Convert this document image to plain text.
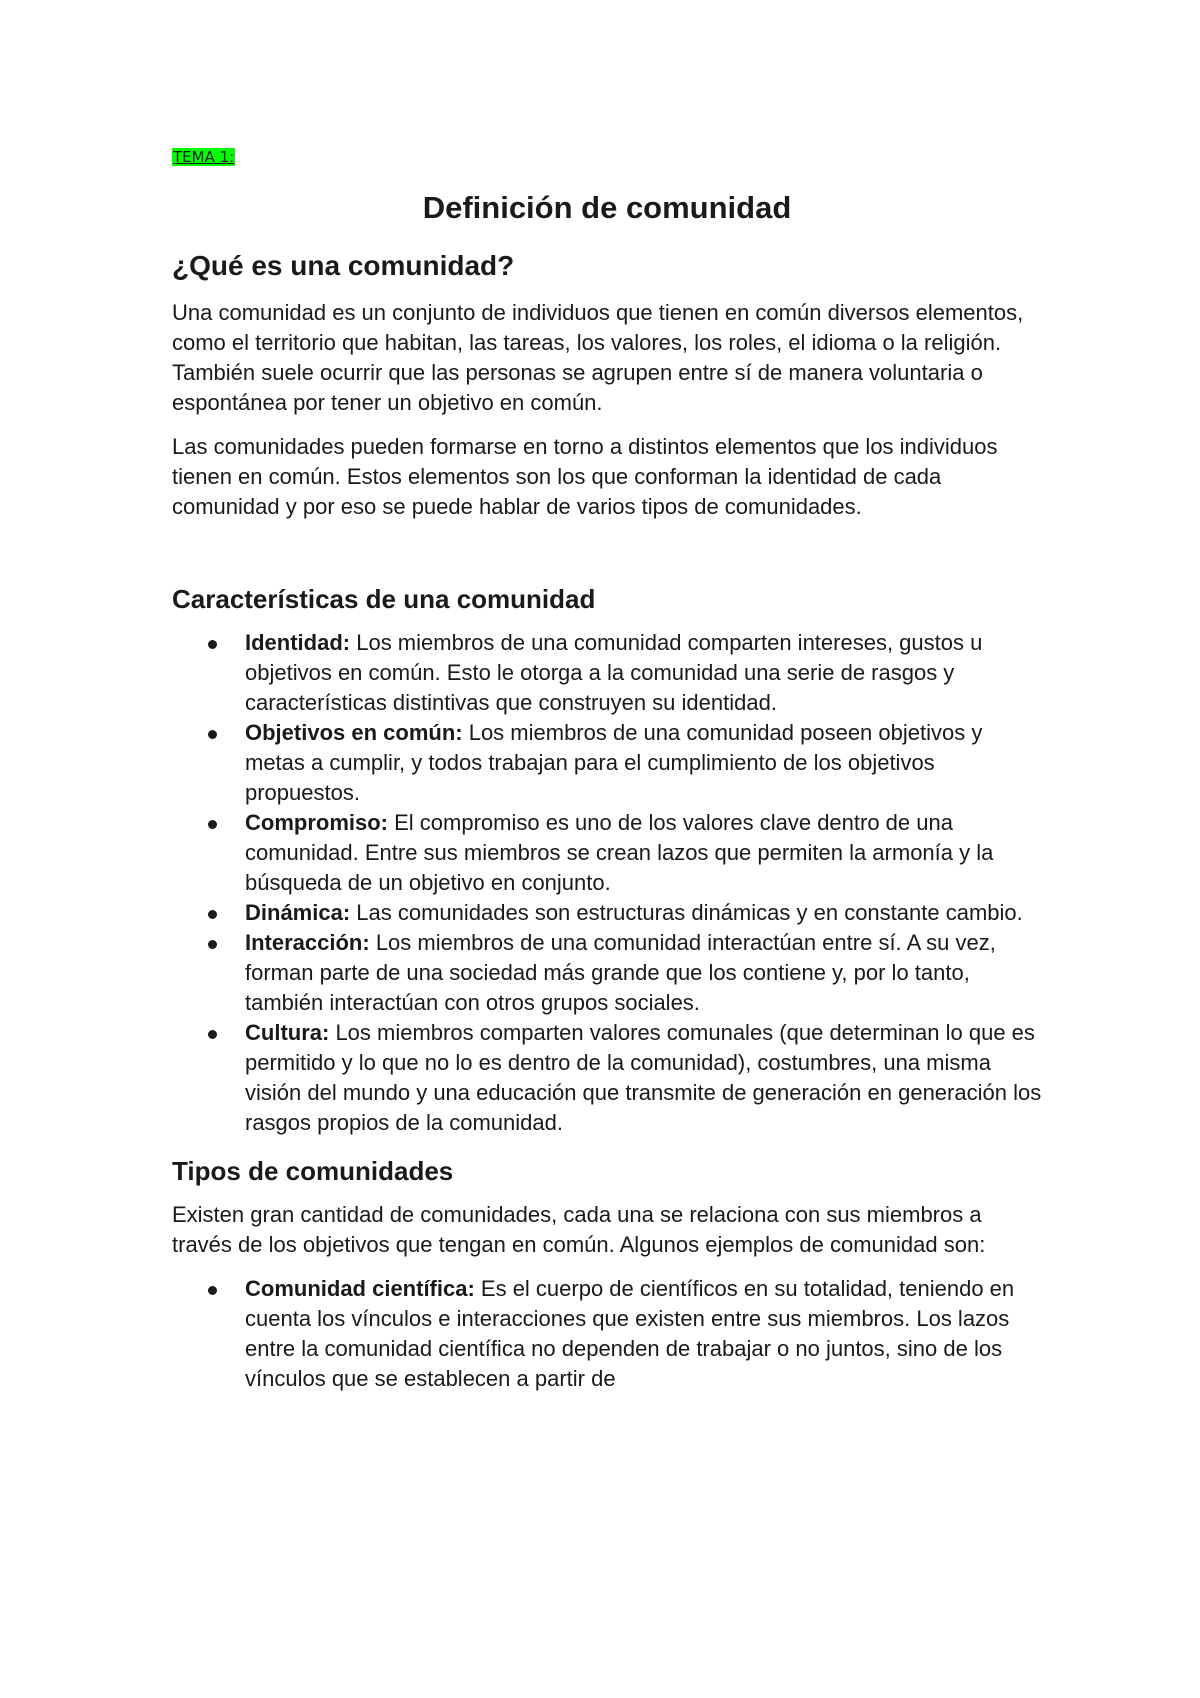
TEMA 1:
Definición de comunidad
¿Qué es una comunidad?

Una comunidad es un conjunto de individuos que tienen en común diversos elementos, como el territorio que habitan, las tareas, los valores, los roles, el idioma o la religión. También suele ocurrir que las personas se agrupen entre sí de manera voluntaria o espontánea por tener un objetivo en común.

Las comunidades pueden formarse en torno a distintos elementos que los individuos tienen en común. Estos elementos son los que conforman la identidad de cada comunidad y por eso se puede hablar de varios tipos de comunidades.

Características de una comunidad
Identidad: Los miembros de una comunidad comparten intereses, gustos u objetivos en común. Esto le otorga a la comunidad una serie de rasgos y características distintivas que construyen su identidad.
Objetivos en común: Los miembros de una comunidad poseen objetivos y metas a cumplir, y todos trabajan para el cumplimiento de los objetivos propuestos.
Compromiso: El compromiso es uno de los valores clave dentro de una comunidad. Entre sus miembros se crean lazos que permiten la armonía y la búsqueda de un objetivo en conjunto.
Dinámica: Las comunidades son estructuras dinámicas y en constante cambio.
Interacción: Los miembros de una comunidad interactúan entre sí. A su vez, forman parte de una sociedad más grande que los contiene y, por lo tanto, también interactúan con otros grupos sociales.
Cultura: Los miembros comparten valores comunales (que determinan lo que es permitido y lo que no lo es dentro de la comunidad), costumbres, una misma visión del mundo y una educación que transmite de generación en generación los rasgos propios de la comunidad.
Tipos de comunidades

Existen gran cantidad de comunidades, cada una se relaciona con sus miembros a través de los objetivos que tengan en común. Algunos ejemplos de comunidad son:

Comunidad científica: Es el cuerpo de científicos en su totalidad, teniendo en cuenta los vínculos e interacciones que existen entre sus miembros. Los lazos entre la comunidad científica no dependen de trabajar o no juntos, sino de los vínculos que se establecen a partir de
